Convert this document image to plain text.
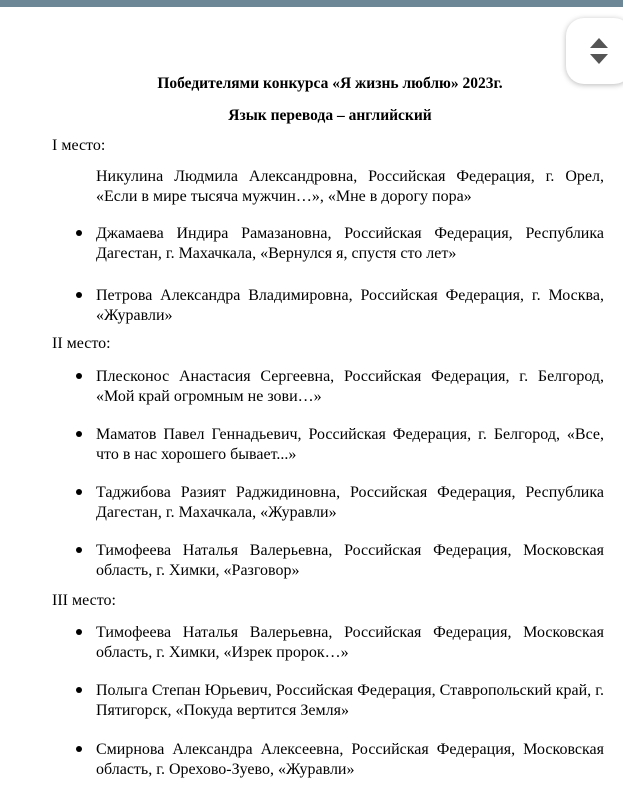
Победителями конкурса «Я жизнь люблю» 2023г.
Язык перевода – английский
I место:
Никулина Людмила Александровна, Российская Федерация, г. Орел, «Если в мире тысяча мужчин…», «Мне в дорогу пора»
Джамаева Индира Рамазановна, Российская Федерация, Республика Дагестан, г. Махачкала, «Вернулся я, спустя сто лет»
Петрова Александра Владимировна, Российская Федерация, г. Москва, «Журавли»
II место:
Плесконос Анастасия Сергеевна, Российская Федерация, г. Белгород, «Мой край огромным не зови…»
Маматов Павел Геннадьевич, Российская Федерация, г. Белгород, «Все, что в нас хорошего бывает...»
Таджибова Разият Раджидиновна, Российская Федерация, Республика Дагестан, г. Махачкала, «Журавли»
Тимофеева Наталья Валерьевна, Российская Федерация, Московская область, г. Химки, «Разговор»
III место:
Тимофеева Наталья Валерьевна, Российская Федерация, Московская область, г. Химки, «Изрек пророк…»
Полыга Степан Юрьевич, Российская Федерация, Ставропольский край, г. Пятигорск, «Покуда вертится Земля»
Смирнова Александра Алексеевна, Российская Федерация, Московская область, г. Орехово-Зуево, «Журавли»
